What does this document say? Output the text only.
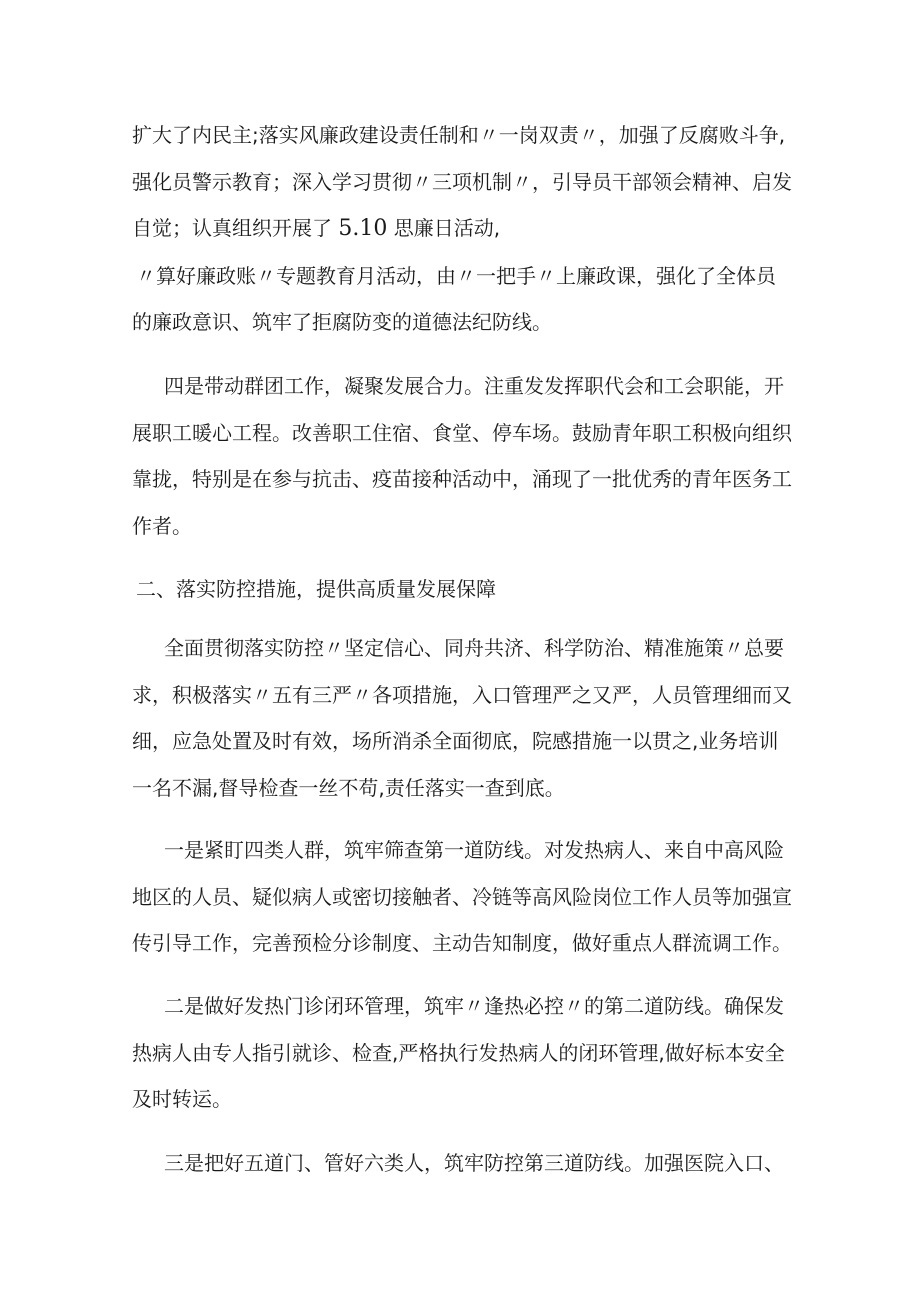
扩大了内民主;落实风廉政建设责任制和〃一岗双责〃，加强了反腐败斗争,
强化员警示教育；深入学习贯彻〃三项机制〃，引导员干部领会精神、启发
自觉；认真组织开展了 5.10 思廉日活动,
〃算好廉政账〃专题教育月活动，由〃一把手〃上廉政课，强化了全体员
的廉政意识、筑牢了拒腐防变的道德法纪防线。
四是带动群团工作，凝聚发展合力。注重发发挥职代会和工会职能，开
展职工暖心工程。改善职工住宿、食堂、停车场。鼓励青年职工积极向组织
靠拢，特别是在参与抗击、疫苗接种活动中，涌现了一批优秀的青年医务工
作者。
二、落实防控措施，提供高质量发展保障
全面贯彻落实防控〃坚定信心、同舟共济、科学防治、精准施策〃总要
求，积极落实〃五有三严〃各项措施，入口管理严之又严，人员管理细而又
细，应急处置及时有效，场所消杀全面彻底，院感措施一以贯之,业务培训
一名不漏,督导检查一丝不苟,责任落实一查到底。
一是紧盯四类人群，筑牢筛查第一道防线。对发热病人、来自中高风险
地区的人员、疑似病人或密切接触者、冷链等高风险岗位工作人员等加强宣
传引导工作，完善预检分诊制度、主动告知制度，做好重点人群流调工作。
二是做好发热门诊闭环管理，筑牢〃逢热必控〃的第二道防线。确保发
热病人由专人指引就诊、检查,严格执行发热病人的闭环管理,做好标本安全
及时转运。
三是把好五道门、管好六类人，筑牢防控第三道防线。加强医院入口、
